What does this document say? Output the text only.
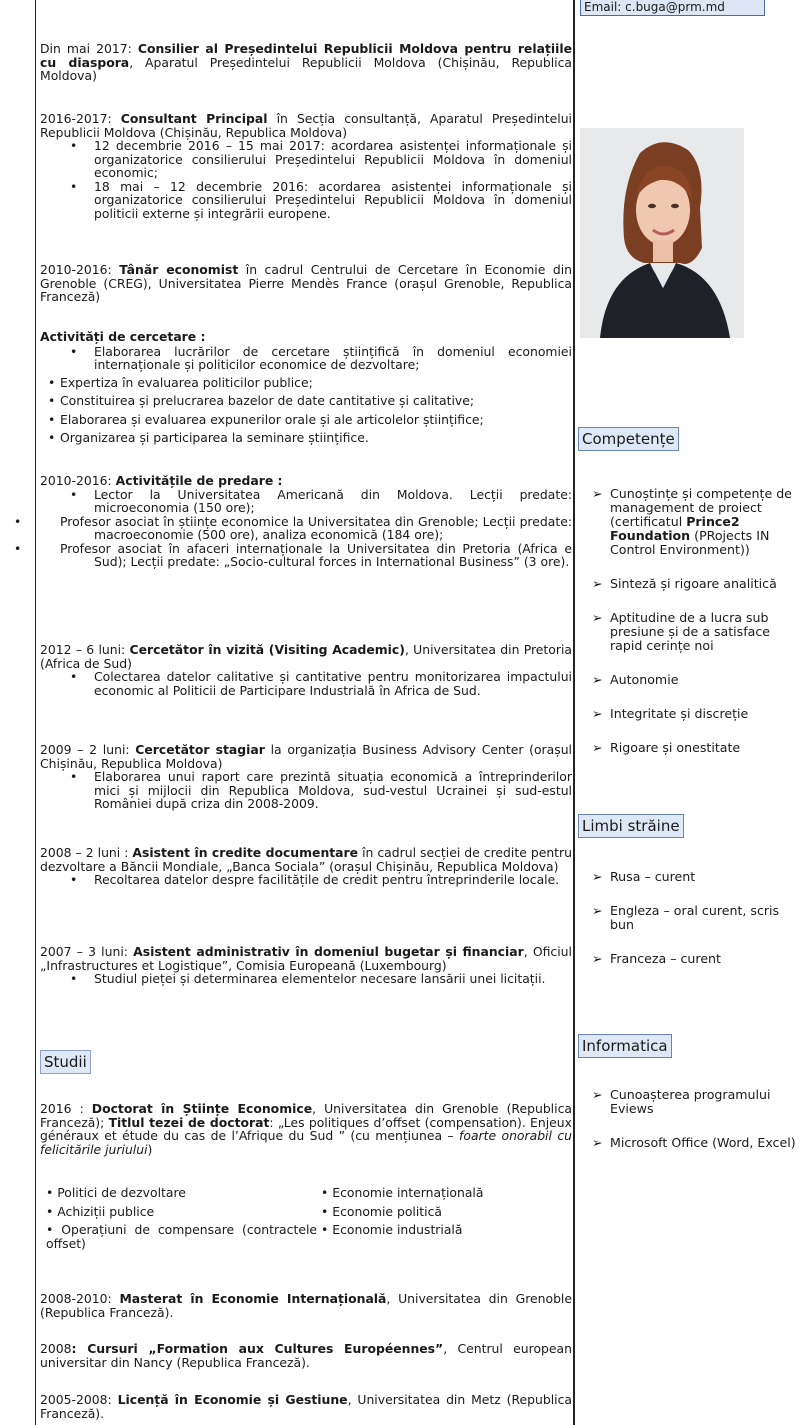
Din mai 2017: Consilier al Președintelui Republicii Moldova pentru relațiile cu diaspora, Aparatul Președintelui Republicii Moldova (Chișinău, Republica Moldova)

2016-2017: Consultant Principal în Secția consultanță, Aparatul Președintelui Republicii Moldova (Chișinău, Republica Moldova)

• 12 decembrie 2016 – 15 mai 2017: acordarea asistenței informaționale și organizatorice consilierului Președintelui Republicii Moldova în domeniul economic;
• 18 mai – 12 decembrie 2016: acordarea asistenței informaționale și organizatorice consilierului Președintelui Republicii Moldova în domeniul politicii externe și integrării europene.

2010-2016: Tânăr economist în cadrul Centrului de Cercetare în Economie din Grenoble (CREG), Universitatea Pierre Mendès France (orașul Grenoble, Republica Franceză)

Activități de cercetare :

• Elaborarea lucrărilor de cercetare științifică în domeniul economiei internaționale și politicilor economice de dezvoltare;
• Expertiza în evaluarea politicilor publice;
• Constituirea și prelucrarea bazelor de date cantitative și calitative;
• Elaborarea și evaluarea expunerilor orale și ale articolelor științifice;
• Organizarea și participarea la seminare științifice.

2010-2016: Activitățile de predare :

• Lector la Universitatea Americană din Moldova. Lecții predate: microeconomia (150 ore);
• Profesor asociat în științe economice la Universitatea din Grenoble; Lecții predate: macroeconomie (500 ore), analiza economică (184 ore);
• Profesor asociat în afaceri internaționale la Universitatea din Pretoria (Africa e Sud); Lecții predate: „Socio-cultural forces in International Business” (3 ore).

2012 – 6 luni: Cercetător în vizită (Visiting Academic), Universitatea din Pretoria (Africa de Sud)

• Colectarea datelor calitative și cantitative pentru monitorizarea impactului economic al Politicii de Participare Industrială în Africa de Sud.

2009 – 2 luni: Cercetător stagiar la organizația Business Advisory Center (orașul Chișinău, Republica Moldova)

• Elaborarea unui raport care prezintă situația economică a întreprinderilor mici și mijlocii din Republica Moldova, sud-vestul Ucrainei și sud-estul României după criza din 2008-2009.

2008 – 2 luni : Asistent în credite documentare în cadrul secției de credite pentru dezvoltare a Băncii Mondiale, „Banca Sociala” (orașul Chișinău, Republica Moldova)

• Recoltarea datelor despre facilitățile de credit pentru întreprinderile locale.

2007 – 3 luni: Asistent administrativ în domeniul bugetar și financiar, Oficiul „Infrastructures et Logistique”, Comisia Europeană (Luxembourg)

• Studiul pieței și determinarea elementelor necesare lansării unei licitații.
Studii

2016 : Doctorat în Științe Economice, Universitatea din Grenoble (Republica Franceză); Titlul tezei de doctorat: „Les politiques d’offset (compensation). Enjeux généraux et étude du cas de l’Afrique du Sud ” (cu mențiunea – foarte onorabil cu felicitările juriului)

• Politici de dezvoltare	• Economie internațională
• Achiziții publice	• Economie politică
• Operațiuni de compensare (contractele offset)
• Economie industrială

2008-2010: Masterat în Economie Internațională, Universitatea din Grenoble (Republica Franceză).

2008: Cursuri „Formation aux Cultures Européennes”, Centrul european universitar din Nancy (Republica Franceză).

2005-2008: Licență în Economie și Gestiune, Universitatea din Metz (Republica Franceză).

Email: c.buga@prm.md
Competențe
➢ Cunoștințe și competențe de management de proiect (certificatul Prince2 Foundation (PRojects IN Control Environment))
➢ Sinteză și rigoare analitică
➢ Aptitudine de a lucra sub presiune și de a satisface rapid cerințe noi
➢ Autonomie
➢ Integritate și discreție
➢ Rigoare și onestitate
Limbi străine
➢ Rusa – curent
➢ Engleza – oral curent, scris bun
➢ Franceza – curent
Informatica
➢ Cunoașterea programului Eviews
➢ Microsoft Office (Word, Excel)
